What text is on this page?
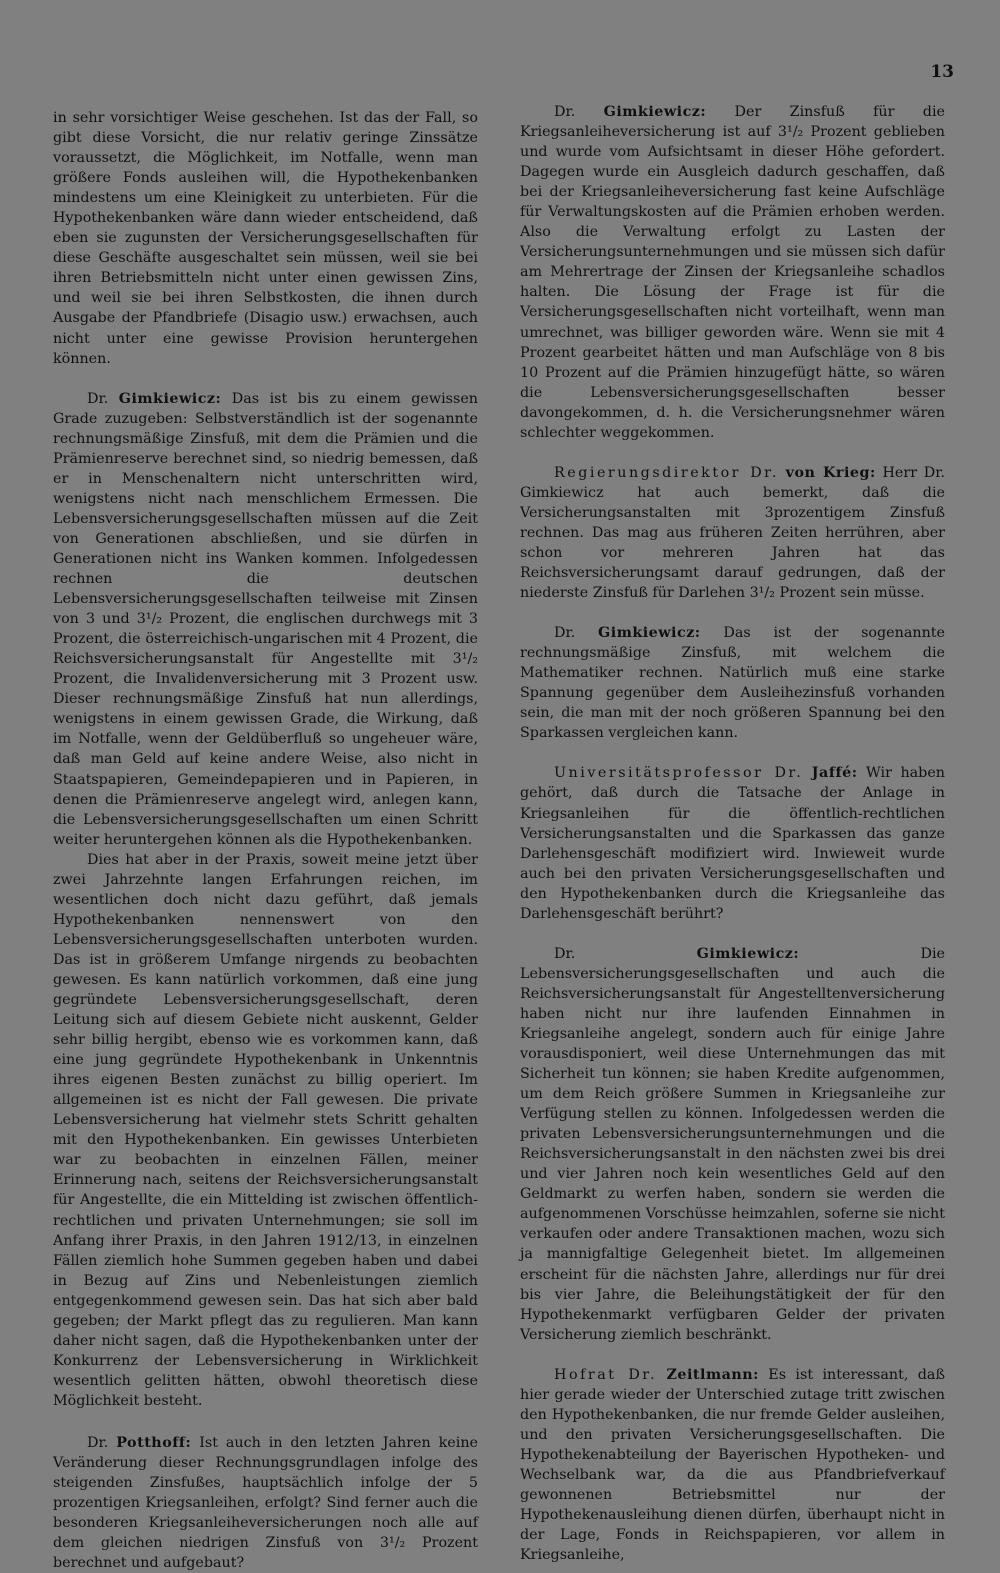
13

in sehr vorsichtiger Weise geschehen. Ist das der Fall, so gibt diese Vorsicht, die nur relativ geringe Zinssätze voraussetzt, die Möglichkeit, im Notfalle, wenn man größere Fonds ausleihen will, die Hypothekenbanken mindestens um eine Kleinigkeit zu unterbieten. Für die Hypothekenbanken wäre dann wieder entscheidend, daß eben sie zugunsten der Versicherungsgesellschaften für diese Geschäfte ausgeschaltet sein müssen, weil sie bei ihren Betriebsmitteln nicht unter einen gewissen Zins, und weil sie bei ihren Selbstkosten, die ihnen durch Ausgabe der Pfandbriefe (Disagio usw.) erwachsen, auch nicht unter eine gewisse Provision heruntergehen können.

Dr. Gimkiewicz: Das ist bis zu einem gewissen Grade zuzugeben: Selbstverständlich ist der sogenannte rechnungsmäßige Zinsfuß, mit dem die Prämien und die Prämienreserve berechnet sind, so niedrig bemessen, daß er in Menschenaltern nicht unterschritten wird, wenigstens nicht nach menschlichem Ermessen. Die Lebensversicherungsgesellschaften müssen auf die Zeit von Generationen abschließen, und sie dürfen in Generationen nicht ins Wanken kommen. Infolgedessen rechnen die deutschen Lebensversicherungsgesellschaften teilweise mit Zinsen von 3 und 3¹/₂ Prozent, die englischen durchwegs mit 3 Prozent, die österreichisch-ungarischen mit 4 Prozent, die Reichsversicherungsanstalt für Angestellte mit 3¹/₂ Prozent, die Invalidenversicherung mit 3 Prozent usw. Dieser rechnungsmäßige Zinsfuß hat nun allerdings, wenigstens in einem gewissen Grade, die Wirkung, daß im Notfalle, wenn der Geldüberfluß so ungeheuer wäre, daß man Geld auf keine andere Weise, also nicht in Staatspapieren, Gemeindepapieren und in Papieren, in denen die Prämienreserve angelegt wird, anlegen kann, die Lebensversicherungsgesellschaften um einen Schritt weiter heruntergehen können als die Hypothekenbanken.

Dies hat aber in der Praxis, soweit meine jetzt über zwei Jahrzehnte langen Erfahrungen reichen, im wesentlichen doch nicht dazu geführt, daß jemals Hypothekenbanken nennenswert von den Lebensversicherungsgesellschaften unterboten wurden. Das ist in größerem Umfange nirgends zu beobachten gewesen. Es kann natürlich vorkommen, daß eine jung gegründete Lebensversicherungsgesellschaft, deren Leitung sich auf diesem Gebiete nicht auskennt, Gelder sehr billig hergibt, ebenso wie es vorkommen kann, daß eine jung gegründete Hypothekenbank in Unkenntnis ihres eigenen Besten zunächst zu billig operiert. Im allgemeinen ist es nicht der Fall gewesen. Die private Lebensversicherung hat vielmehr stets Schritt gehalten mit den Hypothekenbanken. Ein gewisses Unterbieten war zu beobachten in einzelnen Fällen, meiner Erinnerung nach, seitens der Reichsversicherungsanstalt für Angestellte, die ein Mittelding ist zwischen öffentlich-rechtlichen und privaten Unternehmungen; sie soll im Anfang ihrer Praxis, in den Jahren 1912/13, in einzelnen Fällen ziemlich hohe Summen gegeben haben und dabei in Bezug auf Zins und Nebenleistungen ziemlich entgegenkommend gewesen sein. Das hat sich aber bald gegeben; der Markt pflegt das zu regulieren. Man kann daher nicht sagen, daß die Hypothekenbanken unter der Konkurrenz der Lebensversicherung in Wirklichkeit wesentlich gelitten hätten, obwohl theoretisch diese Möglichkeit besteht.

Dr. Potthoff: Ist auch in den letzten Jahren keine Veränderung dieser Rechnungsgrundlagen infolge des steigenden Zinsfußes, hauptsächlich infolge der 5 prozentigen Kriegsanleihen, erfolgt? Sind ferner auch die besonderen Kriegsanleiheversicherungen noch alle auf dem gleichen niedrigen Zinsfuß von 3¹/₂ Prozent berechnet und aufgebaut?

Dr. Gimkiewicz: Der Zinsfuß für die Kriegsanleiheversicherung ist auf 3¹/₂ Prozent geblieben und wurde vom Aufsichtsamt in dieser Höhe gefordert. Dagegen wurde ein Ausgleich dadurch geschaffen, daß bei der Kriegsanleiheversicherung fast keine Aufschläge für Verwaltungskosten auf die Prämien erhoben werden. Also die Verwaltung erfolgt zu Lasten der Versicherungsunternehmungen und sie müssen sich dafür am Mehrertrage der Zinsen der Kriegsanleihe schadlos halten. Die Lösung der Frage ist für die Versicherungsgesellschaften nicht vorteilhaft, wenn man umrechnet, was billiger geworden wäre. Wenn sie mit 4 Prozent gearbeitet hätten und man Aufschläge von 8 bis 10 Prozent auf die Prämien hinzugefügt hätte, so wären die Lebensversicherungsgesellschaften besser davongekommen, d. h. die Versicherungsnehmer wären schlechter weggekommen.

Regierungsdirektor Dr. von Krieg: Herr Dr. Gimkiewicz hat auch bemerkt, daß die Versicherungsanstalten mit 3prozentigem Zinsfuß rechnen. Das mag aus früheren Zeiten herrühren, aber schon vor mehreren Jahren hat das Reichsversicherungsamt darauf gedrungen, daß der niederste Zinsfuß für Darlehen 3¹/₂ Prozent sein müsse.

Dr. Gimkiewicz: Das ist der sogenannte rechnungsmäßige Zinsfuß, mit welchem die Mathematiker rechnen. Natürlich muß eine starke Spannung gegenüber dem Ausleihezinsfuß vorhanden sein, die man mit der noch größeren Spannung bei den Sparkassen vergleichen kann.

Universitätsprofessor Dr. Jaffé: Wir haben gehört, daß durch die Tatsache der Anlage in Kriegsanleihen für die öffentlich-rechtlichen Versicherungsanstalten und die Sparkassen das ganze Darlehensgeschäft modifiziert wird. Inwieweit wurde auch bei den privaten Versicherungsgesellschaften und den Hypothekenbanken durch die Kriegsanleihe das Darlehensgeschäft berührt?

Dr.	Gimkiewicz:	Die Lebensversicherungsgesellschaften und auch die Reichsversicherungsanstalt für Angestelltenversicherung haben nicht nur ihre laufenden Einnahmen in Kriegsanleihe angelegt, sondern auch für einige Jahre vorausdisponiert, weil diese Unternehmungen das mit Sicherheit tun können; sie haben Kredite aufgenommen, um dem Reich größere Summen in Kriegsanleihe zur Verfügung stellen zu können. Infolgedessen werden die privaten Lebensversicherungsunternehmungen und die Reichsversicherungsanstalt in den nächsten zwei bis drei und vier Jahren noch kein wesentliches Geld auf den Geldmarkt zu werfen haben, sondern sie werden die aufgenommenen Vorschüsse heimzahlen, soferne sie nicht verkaufen oder andere Transaktionen machen, wozu sich ja mannigfaltige Gelegenheit bietet. Im allgemeinen erscheint für die nächsten Jahre, allerdings nur für drei bis vier Jahre, die Beleihungstätigkeit der für den Hypothekenmarkt verfügbaren Gelder der privaten Versicherung ziemlich beschränkt.

Hofrat Dr. Zeitlmann: Es ist interessant, daß hier gerade wieder der Unterschied zutage tritt zwischen den Hypothekenbanken, die nur fremde Gelder ausleihen, und den privaten Versicherungsgesellschaften. Die Hypothekenabteilung der Bayerischen Hypotheken- und Wechselbank war, da die aus Pfandbriefverkauf gewonnenen Betriebsmittel nur der Hypothekenausleihung dienen dürfen, überhaupt nicht in der Lage, Fonds in Reichspapieren, vor allem in Kriegsanleihe,
